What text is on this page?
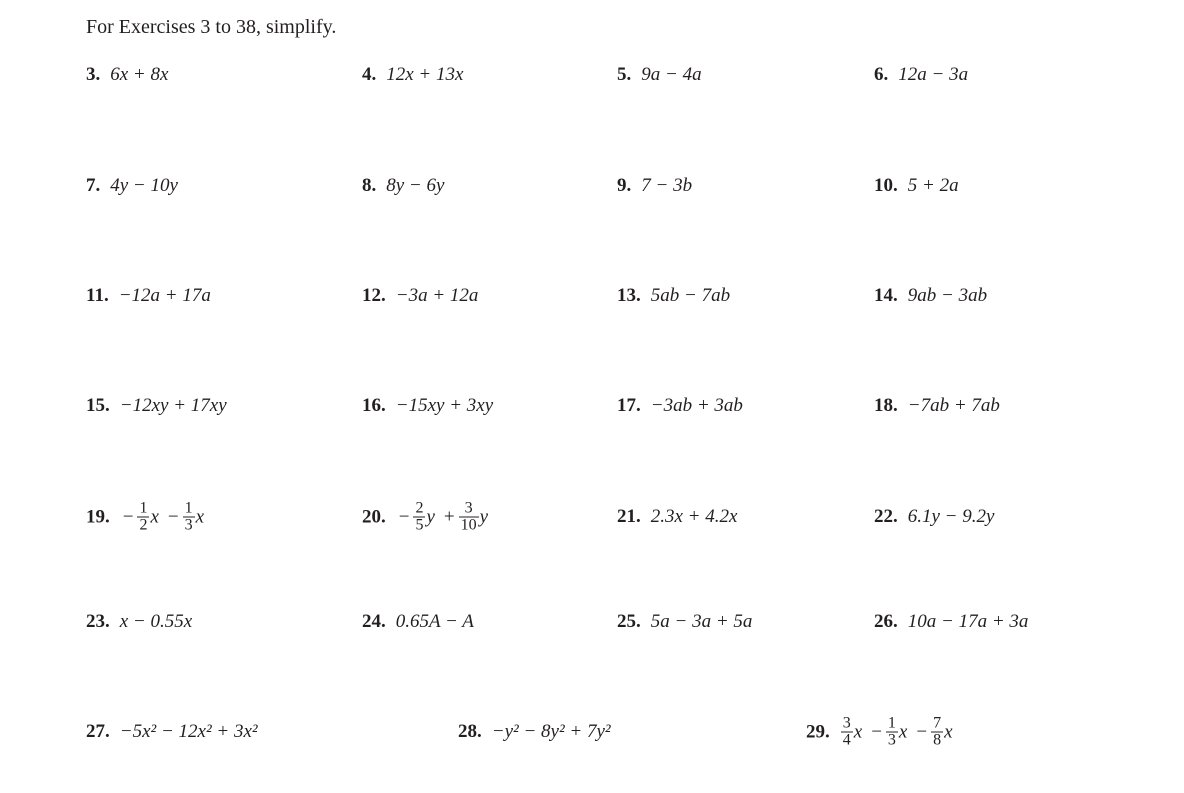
For Exercises 3 to 38, simplify.
3. 6x + 8x	4. 12x + 13x	5. 9a − 4a	6. 12a − 3a
7. 4y − 10y	8. 8y − 6y	9. 7 − 3b	10. 5 + 2a
11. −12a + 17a	12. −3a + 12a	13. 5ab − 7ab	14. 9ab − 3ab
15. −12xy + 17xy	16. −15xy + 3xy	17. −3ab + 3ab	18. −7ab + 7ab
19. − $\frac{1}{2}$ $x - \frac{1}{3}$ x	20. − $\frac{2}{5}$ $y + \frac{3}{10}$ y	21. 2.3x + 4.2x	22. 6.1y − 9.2y
23. x − 0.55x	24. 0.65A − A	25. 5a − 3a + 5a	26. 10a − 17a + 3a
27. −5x² − 12x² + 3x²	28. −y² − 8y² + 7y²	29. $\frac{3}{4}$ $x - \frac{1}{3}$ $x - \frac{7}{8}$ x
